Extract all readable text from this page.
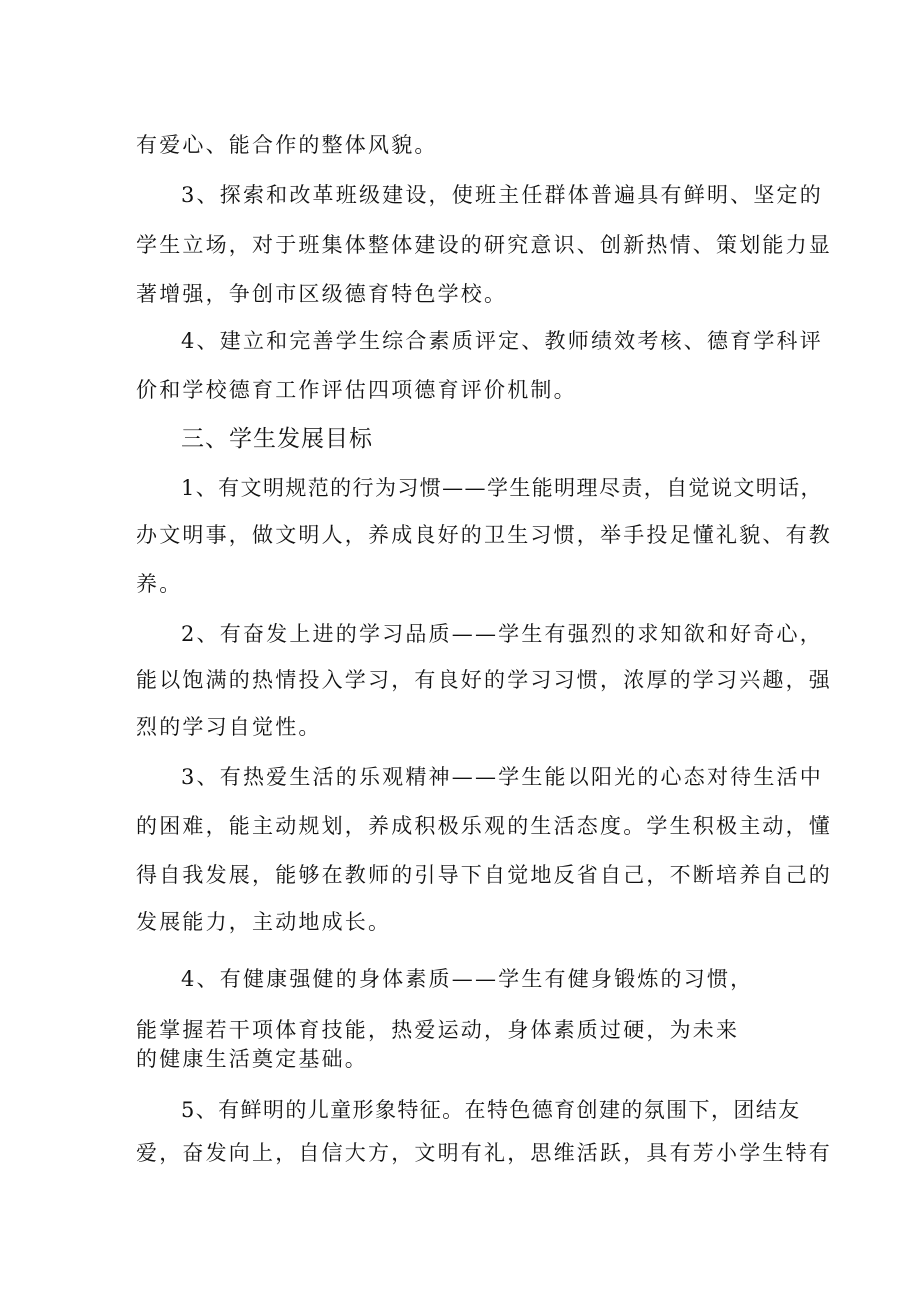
有爱心、能合作的整体风貌。
3、探索和改革班级建设，使班主任群体普遍具有鲜明、坚定的
学生立场，对于班集体整体建设的研究意识、创新热情、策划能力显
著增强，争创市区级德育特色学校。
4、建立和完善学生综合素质评定、教师绩效考核、德育学科评
价和学校德育工作评估四项德育评价机制。
三、学生发展目标
1、有文明规范的行为习惯——学生能明理尽责，自觉说文明话，
办文明事，做文明人，养成良好的卫生习惯，举手投足懂礼貌、有教
养。
2、有奋发上进的学习品质——学生有强烈的求知欲和好奇心，
能以饱满的热情投入学习，有良好的学习习惯，浓厚的学习兴趣，强
烈的学习自觉性。
3、有热爱生活的乐观精神——学生能以阳光的心态对待生活中
的困难，能主动规划，养成积极乐观的生活态度。学生积极主动，懂
得自我发展，能够在教师的引导下自觉地反省自己，不断培养自己的
发展能力，主动地成长。
4、有健康强健的身体素质——学生有健身锻炼的习惯，
能掌握若干项体育技能，热爱运动，身体素质过硬，为未来
的健康生活奠定基础。
5、有鲜明的儿童形象特征。在特色德育创建的氛围下，团结友
爱，奋发向上，自信大方，文明有礼，思维活跃，具有芳小学生特有
